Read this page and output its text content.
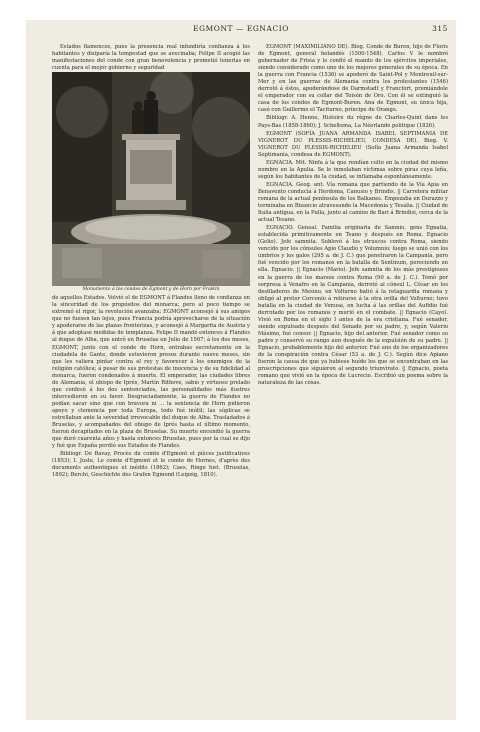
EGMONT — EGNACIO	315

Estados flamencos, pues la presencia real infundiría confianza á los habitantes y disiparía la tempestad que se avecinaba; Felipe II acogió las manifestaciones del conde con gran benevolencia y prometió tenerlas en cuenta para el mejor gobierno y seguridad

Monumento á los condes de Egmont y de Horn por Fraikin

de aquellos Estados. Volvió el de EGMONT á Flandes lleno de confianza en la sinceridad de los propósitos del monarca; pero al poco tiempo se extremó el rigor, la revolución avanzaba; EGMONT aconsejó á sus amigos que no fuesen tan lejos, pues Francia podría aprovecharse de la situación y apoderarse de las plazas fronterizas, y aconsejó á Margarita de Austria y á que adoptase medidas de templanza. Felipe II mandó entonces á Flandes al duque de Alba, que entró en Bruselas en Julio de 1567; á los dos meses, EGMONT, junto con el conde de Horn, entrabas secretamente en la ciudadela de Gante, donde estuvieron presos durante nueve meses, sin que les valiera pintar contra el rey y favorecer á los enemigos de la religión católica; á pesar de sus protestas de inocencia y de su fidelidad al monarca, fueron condenados á muerte. El emperador, las ciudades libres de Alemania, el obispo de Iprés, Martín Rithove, sabio y virtuoso prelado que confesó á los dos sentenciados, las personalidades más ilustres intercedieron en su favor. Desgraciadamente, la guerra de Flandes no podían sacar sino que con bravura ni ... la sentencia de Horn pidieron apoyo y clemencia por toda Europa, todo fué inútil; las súplicas se estrellaban ante la severidad irrevocable del duque de Alba. Trasladados á Bruselas, y acompañados del obispo de Iprés hasta el último momento, fueron decapitados en la plaza de Bruselas. Su muerte encendió la guerra que duró cuarenta años y hasta entonces Bruselas, pues por la cual se dijo y fué que España perdió sus Estados de Flandes.

Bibliogr. De Bavay, Procès du comte d'Egmont et pièces justificatives (1853); I. Juste, Le comte d'Egmont et le comte de Hornes, d'après des documents authentiques et inédits (1862); Caes, Ringe hist. (Bruselas, 1892); Berchi, Geschichte des Grafen Egmond (Leipzig, 1810).

EGMONT (MAXIMILIANO DE). Biog. Conde de Buren, hijo de Floris de Egmont, general holandés (1500-1548). Carlos V le nombró gobernador de Frisia y le confió el mando de los ejércitos imperiales, siendo considerado como uno de los mejores generales de su época. En la guerra con Francia (1536) se apoderó de Saint-Pol y Montreuil-sur-Mer y en las guerras de Alemania contra los protestantes (1546) derrotó á éstos, apoderándose de Darmstadt y Francfort, premiándole el emperador con su collar del Toisón de Oro. Con él se extinguió la casa de los condes de Egmont-Buren. Ana de Egmont, su única hija, casó con Guillermo el Taciturno, príncipe de Orange.

Bibliogr. A. Henne, Histoire du règne de Charles-Quint dans les Pays-Bas (1858-1860); J. Scheltema, La Néerlande politique (1826).

EGMONT (SOFÍA JUANA ARMANDA ISABEL SEPTIMANIA DE VIGNEROT DU PLESSIS-RICHELIEU, CONDESA DE). Biog. V. VIGNEROT DU PLESSIS-RICHELIEU (Sofía Juana Armanda Isabel Septimania, condesa de EGMONT).

EGNACIA. Mit. Ninfa á la que rendían culto en la ciudad del mismo nombre en la Apulia. Se le inmolaban víctimas sobre piras cuya leña, según los habitantes de la ciudad, se inflamaba espontáneamente.

EGNACIA. Geog. ant. Vía romana que partiendo de la Vía Apia en Benavento conducía á Herdoma, Canusio y Brindis. || Carretera militar romana de la actual península de los Balkanes. Empezaba en Durazzo y terminaba en Bizancio atravesando la Macedonia y Tesalia. || Ciudad de Italia antigua, en la Pulla, junto al camino de Bari á Brindisi, cerca de la actual Tesano.

EGNACIO. Geneal. Familia originaria de Samnio, gens Egnatia, establecida primitivamente en Teano y después en Roma. Egnacio (Gelio). Jefe samnita. Sublevó á los etruscos contra Roma, siendo vencido por los cónsules Apio Claudio y Volumnio; luego se unió con los umbrios y los galos (295 a. de J. C.) que penetraron la Campania, pero fué vencido por los romanos en la batalla de Sentinum, pereciendo en ella. Egnacio. || Egnacio (Mario). Jefe samnita de los más prestigiosos en la guerra de los marsos contra Roma (90 a. de J. C.). Tomó por sorpresa á Venafro en la Campania, derrotó al cónsul L. César en los desfiladeros de Mesino, en Volturno batió á la retaguardia romana y obligó al pretor Corconio á retirarse á la otra orilla del Volturno; tuvo batalla en la ciudad de Venusa, en lucha á las orillas del Aufidio fué derrotado por los romanos y murió en el combate. || Egnacio (Cayo). Vivió en Roma en el siglo I antes de la era cristiana. Fué senador, siendo expulsado después del Senado por su padre, y, según Valerio Máximo, fué censor. || Egnacio, hijo del anterior. Fué senador como su padre y conservó su rango aun después de la expulsión de su padre. || Egnacio, probablemente hijo del anterior. Fué uno de los organizadores de la conspiración contra César (53 a. de J. C.). Según dice Apiano fueron la causa de que ya hubiese huído los que se encontraban en las proscripciones que siguieron al segundo triunvirato. || Egnacio, poeta romano que vivió en la época de Lucrecio. Escribió un poema sobre la naturaleza de las cosas.
